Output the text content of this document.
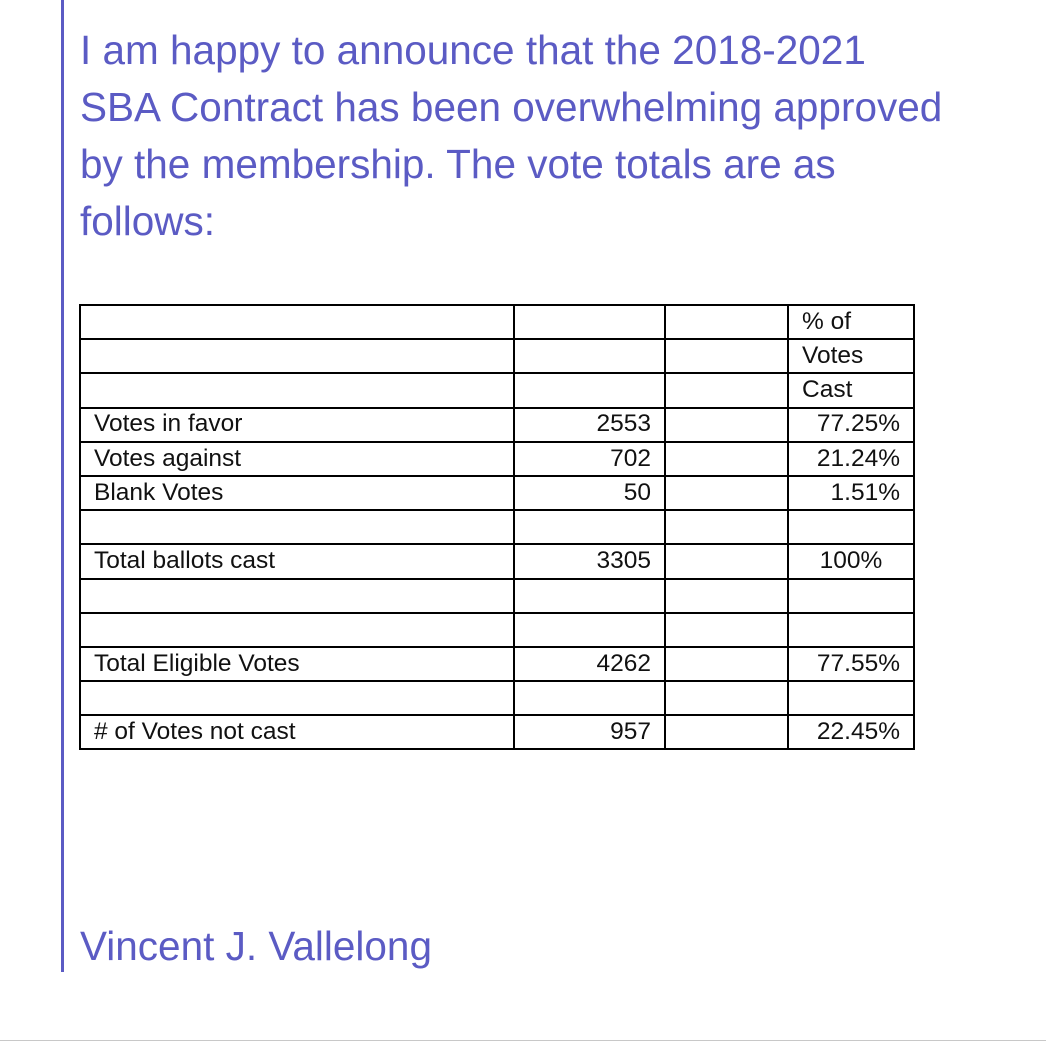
I am happy to announce that the 2018-2021
SBA Contract has been overwhelming approved
by the membership. The vote totals are as
follows:

			% of
			Votes
			Cast
Votes in favor	2553		77.25%
Votes against	702		21.24%
Blank Votes	50		1.51%

Total ballots cast	3305		100%

Total Eligible Votes	4262		77.55%

# of Votes not cast	957		22.45%

Vincent J. Vallelong
